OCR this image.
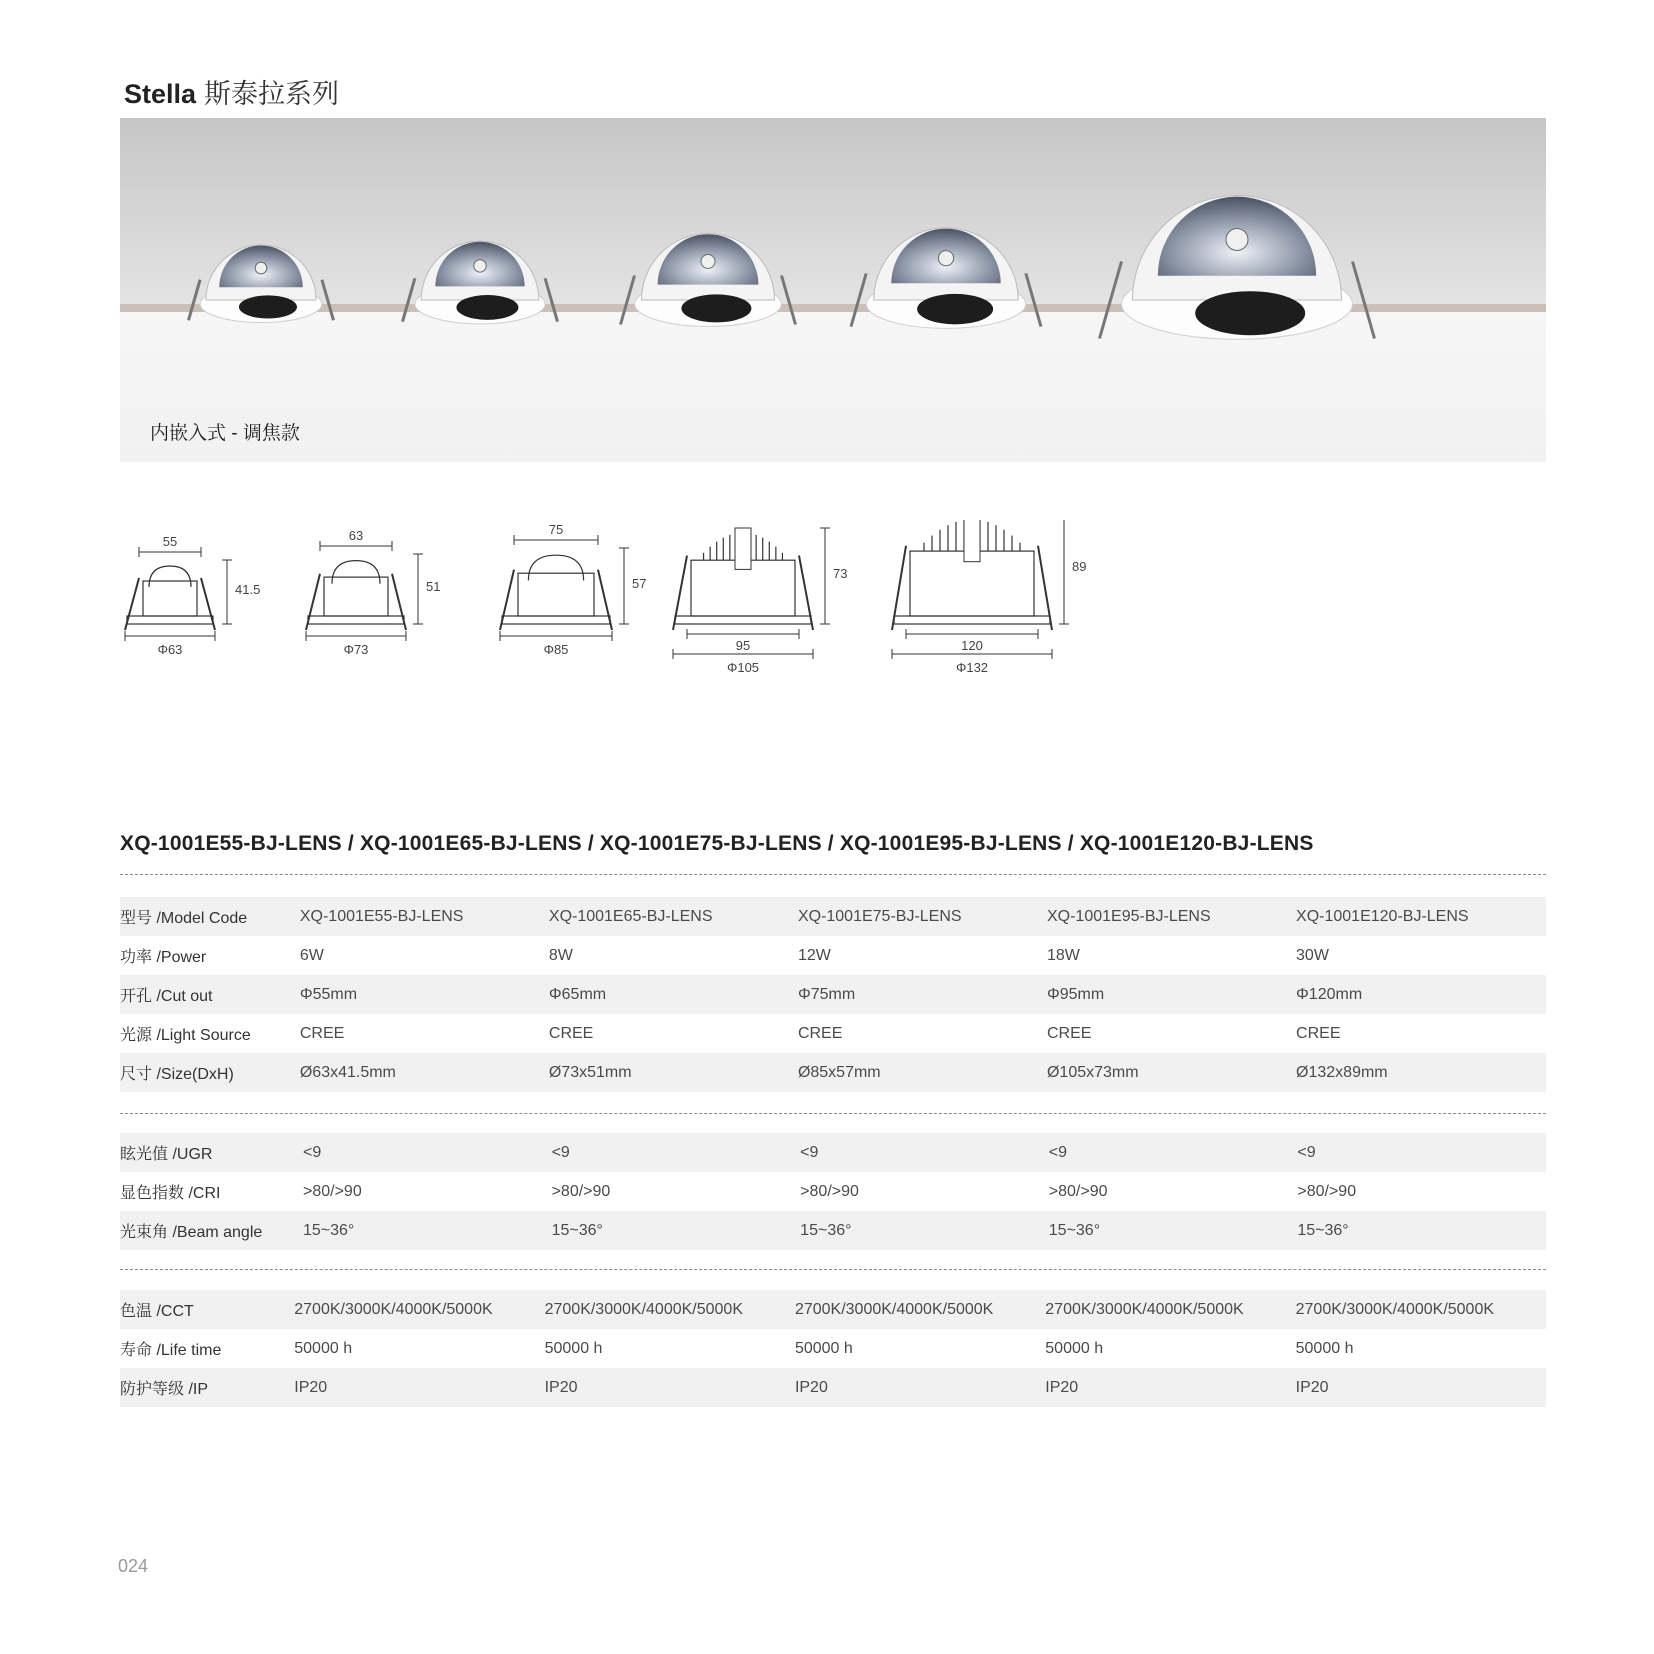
Stella 斯泰拉系列
内嵌入式 - 调焦款
55
41.5
Φ63
63
51
Φ73
75
57
Φ85	95
73
Φ105
120
89
Φ132
XQ-1001E55-BJ-LENS / XQ-1001E65-BJ-LENS / XQ-1001E75-BJ-LENS / XQ-1001E95-BJ-LENS / XQ-1001E120-BJ-LENS
型号 /Model Code	XQ-1001E55-BJ-LENS	XQ-1001E65-BJ-LENS	XQ-1001E75-BJ-LENS	XQ-1001E95-BJ-LENS	XQ-1001E120-BJ-LENS
功率 /Power	6W	8W	12W	18W	30W
开孔 /Cut out	Φ55mm	Φ65mm	Φ75mm	Φ95mm	Φ120mm
光源 /Light Source	CREE	CREE	CREE	CREE	CREE
尺寸 /Size(DxH)	Ø63x41.5mm	Ø73x51mm	Ø85x57mm	Ø105x73mm	Ø132x89mm
眩光值 /UGR	<9	<9	<9	<9	<9
显色指数 /CRI	>80/>90	>80/>90	>80/>90	>80/>90	>80/>90
光束角 /Beam angle	15~36°	15~36°	15~36°	15~36°	15~36°
色温 /CCT	2700K/3000K/4000K/5000K	2700K/3000K/4000K/5000K	2700K/3000K/4000K/5000K	2700K/3000K/4000K/5000K	2700K/3000K/4000K/5000K
寿命 /Life time	50000 h	50000 h	50000 h	50000 h	50000 h
防护等级 /IP	IP20	IP20	IP20	IP20	IP20
024
